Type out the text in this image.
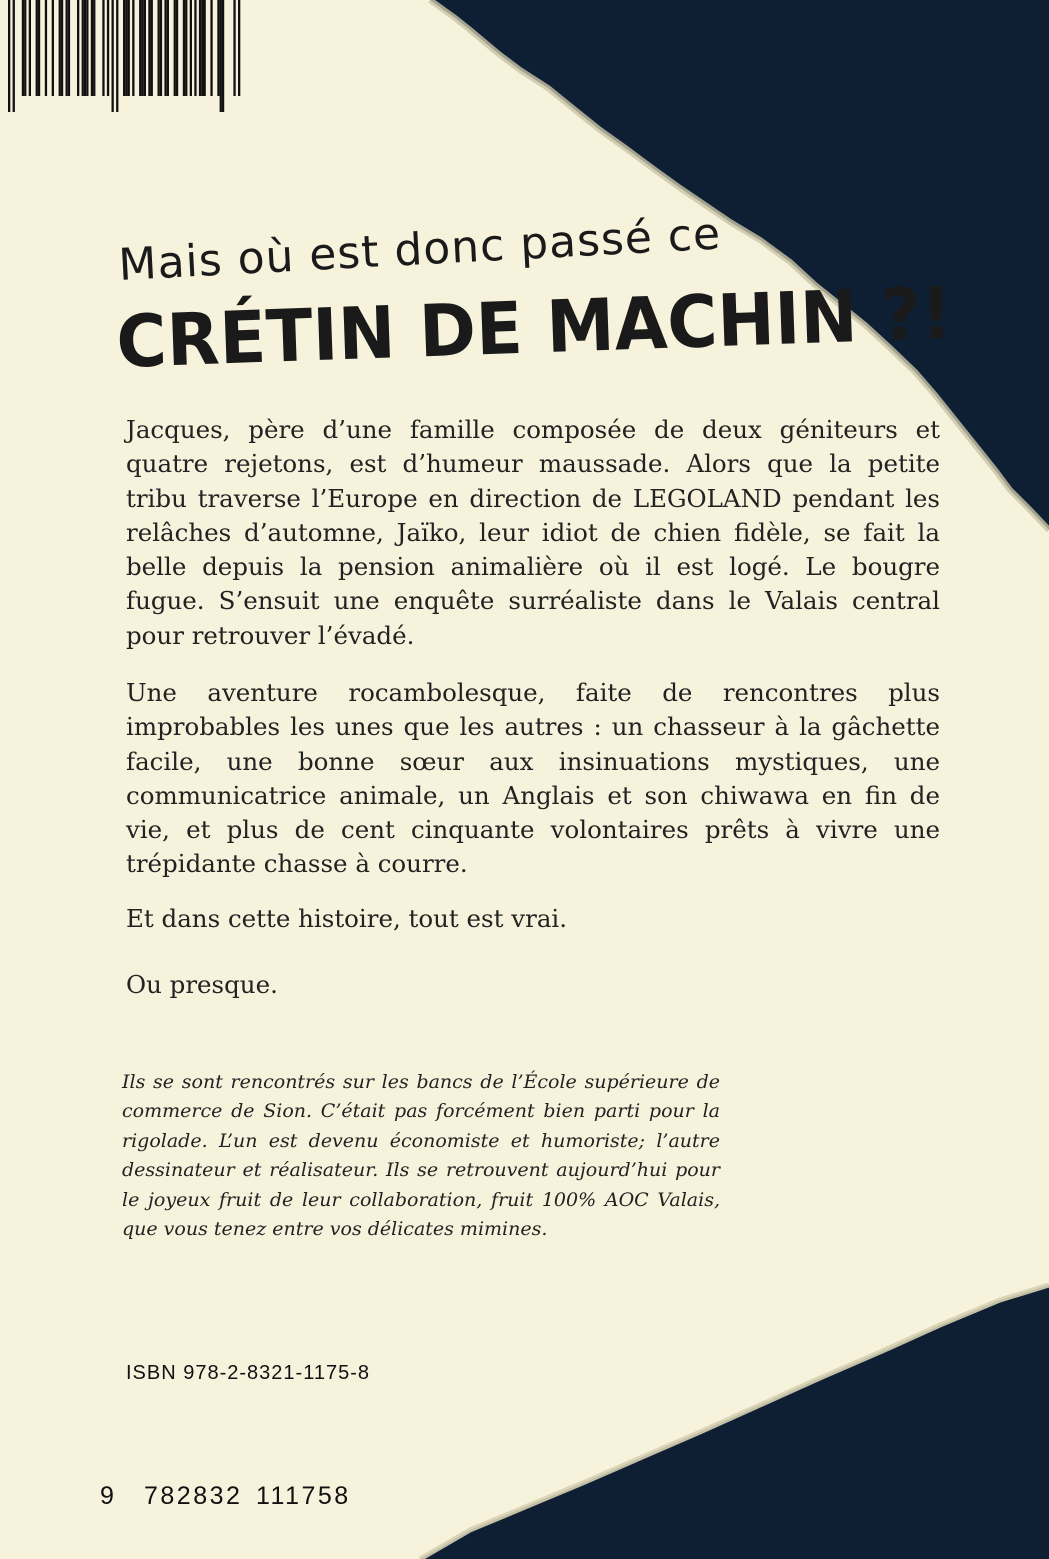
Mais où est donc passé ce
CRÉTIN DE MACHIN ?!

Jacques, père d’une famille composée de deux géniteurs et quatre rejetons, est d’humeur maussade. Alors que la petite tribu traverse l’Europe en direction de LEGOLAND pendant les relâches d’automne, Jaïko, leur idiot de chien fidèle, se fait la belle depuis la pension animalière où il est logé. Le bougre fugue. S’ensuit une enquête surréaliste dans le Valais central pour retrouver l’évadé.

Une aventure rocambolesque, faite de rencontres plus improbables les unes que les autres : un chasseur à la gâchette facile, une bonne sœur aux insinuations mystiques, une communicatrice animale, un Anglais et son chiwawa en fin de vie, et plus de cent cinquante volontaires prêts à vivre une trépidante chasse à courre.

Et dans cette histoire, tout est vrai.

Ou presque.

Ils se sont rencontrés sur les bancs de l’École supérieure de commerce de Sion. C’était pas forcément bien parti pour la rigolade. L’un est devenu économiste et humoriste; l’autre dessinateur et réalisateur. Ils se retrouvent aujourd’hui pour le joyeux fruit de leur collaboration, fruit 100% AOC Valais, que vous tenez entre vos délicates mimines.

ISBN 978-2-8321-1175-8
9 782832 111758
